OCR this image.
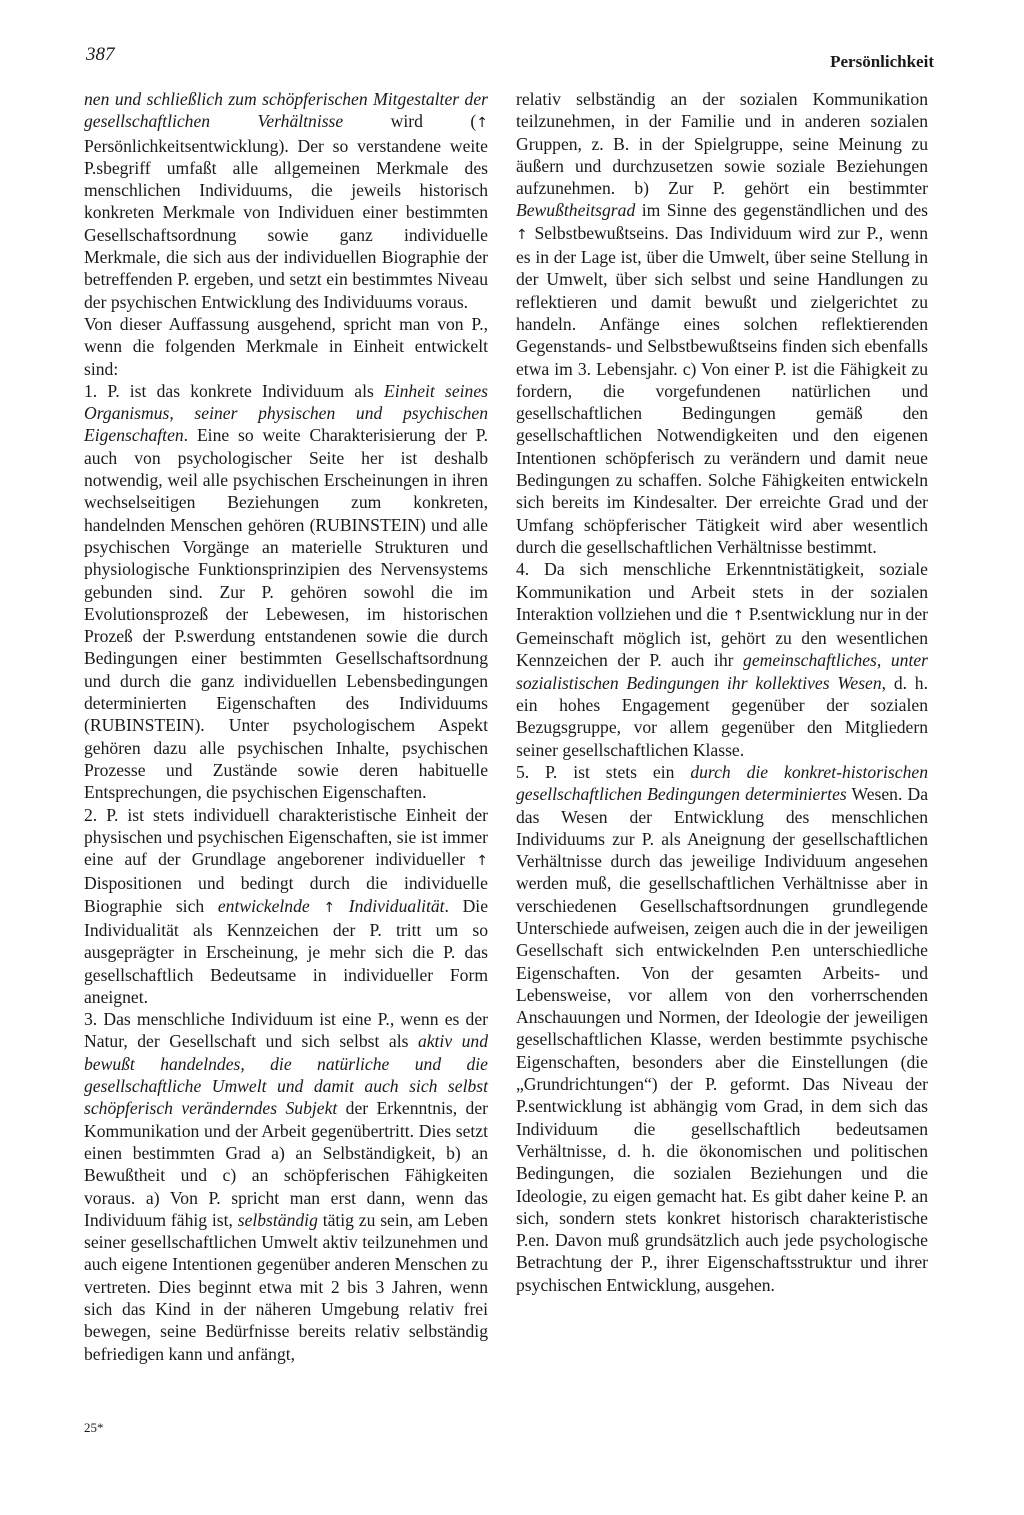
387	Persönlichkeit

nen und schließlich zum schöpferischen Mitgestalter der gesellschaftlichen Verhältnisse wird (↑ Persönlichkeitsentwicklung). Der so verstandene weite P.sbegriff umfaßt alle allgemeinen Merkmale des menschlichen Individuums, die jeweils historisch konkreten Merkmale von Individuen einer bestimmten Gesellschaftsordnung sowie ganz individuelle Merkmale, die sich aus der individuellen Biographie der betreffenden P. ergeben, und setzt ein bestimmtes Niveau der psychischen Entwicklung des Individuums voraus.

Von dieser Auffassung ausgehend, spricht man von P., wenn die folgenden Merkmale in Einheit entwickelt sind:

1. P. ist das konkrete Individuum als Einheit seines Organismus, seiner physischen und psychischen Eigenschaften. Eine so weite Charakterisierung der P. auch von psychologischer Seite her ist deshalb notwendig, weil alle psychischen Erscheinungen in ihren wechselseitigen Beziehungen zum konkreten, handelnden Menschen gehören (RUBINSTEIN) und alle psychischen Vorgänge an materielle Strukturen und physiologische Funktionsprinzipien des Nervensystems gebunden sind. Zur P. gehören sowohl die im Evolutionsprozeß der Lebewesen, im historischen Prozeß der P.swerdung entstandenen sowie die durch Bedingungen einer bestimmten Gesellschaftsordnung und durch die ganz individuellen Lebensbedingungen determinierten Eigenschaften des Individuums (RUBINSTEIN). Unter psychologischem Aspekt gehören dazu alle psychischen Inhalte, psychischen Prozesse und Zustände sowie deren habituelle Entsprechungen, die psychischen Eigenschaften.

2. P. ist stets individuell charakteristische Einheit der physischen und psychischen Eigenschaften, sie ist immer eine auf der Grundlage angeborener individueller ↑ Dispositionen und bedingt durch die individuelle Biographie sich entwickelnde ↑ Individualität. Die Individualität als Kennzeichen der P. tritt um so ausgeprägter in Erscheinung, je mehr sich die P. das gesellschaftlich Bedeutsame in individueller Form aneignet.

3. Das menschliche Individuum ist eine P., wenn es der Natur, der Gesellschaft und sich selbst als aktiv und bewußt handelndes, die natürliche und die gesellschaftliche Umwelt und damit auch sich selbst schöpferisch veränderndes Subjekt der Erkenntnis, der Kommunikation und der Arbeit gegenübertritt. Dies setzt einen bestimmten Grad a) an Selbständigkeit, b) an Bewußtheit und c) an schöpferischen Fähigkeiten voraus. a) Von P. spricht man erst dann, wenn das Individuum fähig ist, selbständig tätig zu sein, am Leben seiner gesellschaftlichen Umwelt aktiv teilzunehmen und auch eigene Intentionen gegenüber anderen Menschen zu vertreten. Dies beginnt etwa mit 2 bis 3 Jahren, wenn sich das Kind in der näheren Umgebung relativ frei bewegen, seine Bedürfnisse bereits relativ selbständig befriedigen kann und anfängt,

relativ selbständig an der sozialen Kommunikation teilzunehmen, in der Familie und in anderen sozialen Gruppen, z. B. in der Spielgruppe, seine Meinung zu äußern und durchzusetzen sowie soziale Beziehungen aufzunehmen. b) Zur P. gehört ein bestimmter Bewußtheitsgrad im Sinne des gegenständlichen und des ↑ Selbstbewußtseins. Das Individuum wird zur P., wenn es in der Lage ist, über die Umwelt, über seine Stellung in der Umwelt, über sich selbst und seine Handlungen zu reflektieren und damit bewußt und zielgerichtet zu handeln. Anfänge eines solchen reflektierenden Gegenstands- und Selbstbewußtseins finden sich ebenfalls etwa im 3. Lebensjahr. c) Von einer P. ist die Fähigkeit zu fordern, die vorgefundenen natürlichen und gesellschaftlichen Bedingungen gemäß den gesellschaftlichen Notwendigkeiten und den eigenen Intentionen schöpferisch zu verändern und damit neue Bedingungen zu schaffen. Solche Fähigkeiten entwickeln sich bereits im Kindesalter. Der erreichte Grad und der Umfang schöpferischer Tätigkeit wird aber wesentlich durch die gesellschaftlichen Verhältnisse bestimmt.

4. Da sich menschliche Erkenntnistätigkeit, soziale Kommunikation und Arbeit stets in der sozialen Interaktion vollziehen und die ↑ P.sentwicklung nur in der Gemeinschaft möglich ist, gehört zu den wesentlichen Kennzeichen der P. auch ihr gemeinschaftliches, unter sozialistischen Bedingungen ihr kollektives Wesen, d. h. ein hohes Engagement gegenüber der sozialen Bezugsgruppe, vor allem gegenüber den Mitgliedern seiner gesellschaftlichen Klasse.

5. P. ist stets ein durch die konkret-historischen gesellschaftlichen Bedingungen determiniertes Wesen. Da das Wesen der Entwicklung des menschlichen Individuums zur P. als Aneignung der gesellschaftlichen Verhältnisse durch das jeweilige Individuum angesehen werden muß, die gesellschaftlichen Verhältnisse aber in verschiedenen Gesellschaftsordnungen grundlegende Unterschiede aufweisen, zeigen auch die in der jeweiligen Gesellschaft sich entwickelnden P.en unterschiedliche Eigenschaften. Von der gesamten Arbeits- und Lebensweise, vor allem von den vorherrschenden Anschauungen und Normen, der Ideologie der jeweiligen gesellschaftlichen Klasse, werden bestimmte psychische Eigenschaften, besonders aber die Einstellungen (die „Grundrichtungen“) der P. geformt. Das Niveau der P.sentwicklung ist abhängig vom Grad, in dem sich das Individuum die gesellschaftlich bedeutsamen Verhältnisse, d. h. die ökonomischen und politischen Bedingungen, die sozialen Beziehungen und die Ideologie, zu eigen gemacht hat. Es gibt daher keine P. an sich, sondern stets konkret historisch charakteristische P.en. Davon muß grundsätzlich auch jede psychologische Betrachtung der P., ihrer Eigenschaftsstruktur und ihrer psychischen Entwicklung, ausgehen.

25*
